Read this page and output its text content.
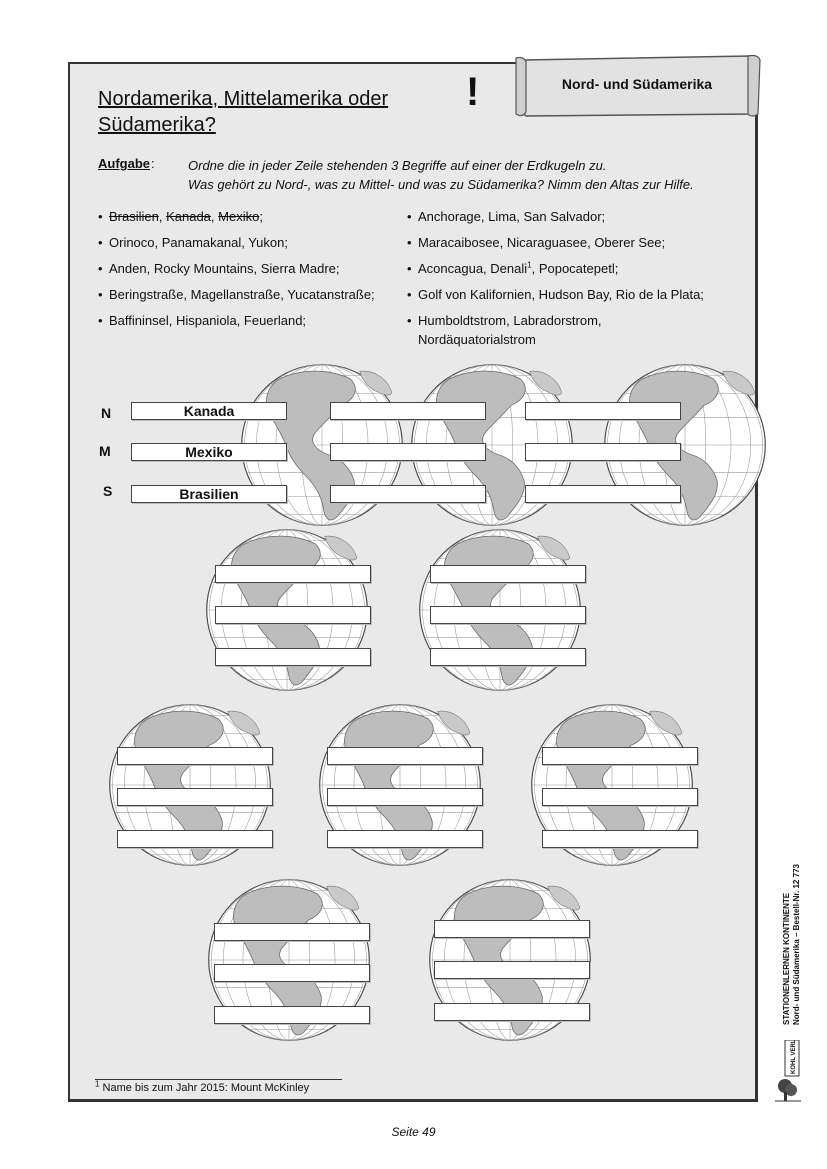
Nordamerika, Mittelamerika oder
Südamerika?
!	Nord- und Südamerika
Aufgabe :	Ordne die in jeder Zeile stehenden 3 Begriffe auf einer der Erdkugeln zu.
Was gehört zu Nord-, was zu Mittel- und was zu Südamerika? Nimm den Altas zur Hilfe.
• Brasilien, Kanada, Mexiko;
• Orinoco, Panamakanal, Yukon;
• Anden, Rocky Mountains, Sierra Madre;
• Beringstraße, Magellanstraße, Yucatanstraße;
• Baffininsel, Hispaniola, Feuerland;
• Anchorage, Lima, San Salvador;
• Maracaibosee, Nicaraguasee, Oberer See;
• Aconcagua, Denali$^1$, Popocatepetl;
• Golf von Kalifornien, Hudson Bay, Rio de la Plata;
• Humboldtstrom, Labradorstrom, Nordäquatorialstrom
N
M
S
Kanada
Mexiko
Brasilien
$^1$ Name bis zum Jahr 2015: Mount McKinley
Seite 49
STATIONENLERNEN KONTINENTE Nord- und Südamerika – Bestell-Nr. 12 773
KOHL VERLAG
